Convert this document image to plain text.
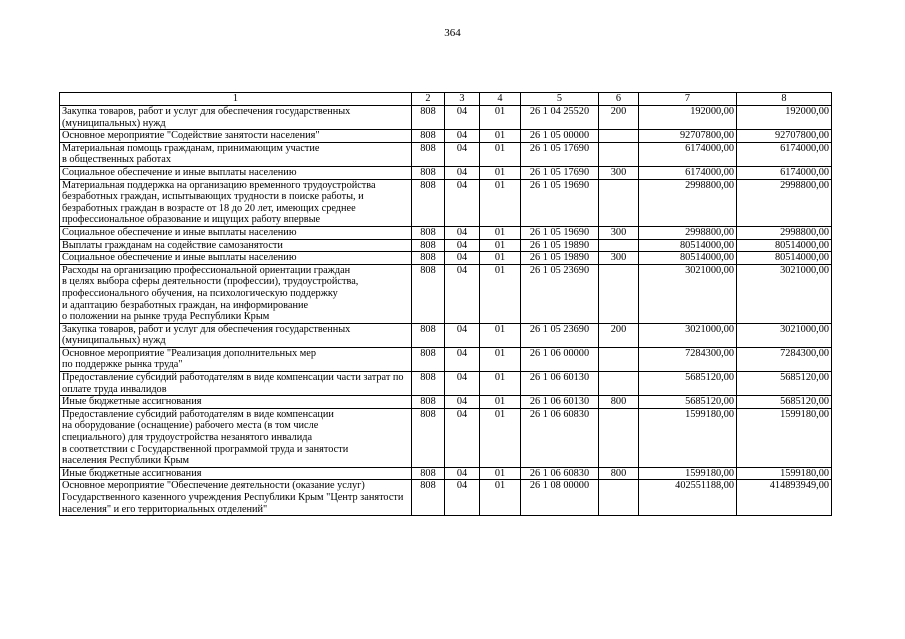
364
1	2	3	4	5	6	7	8
Закупка товаров, работ и услуг для обеспечения государственных (муниципальных) нужд	808	04	01	26 1 04 25520	200	192000,00	192000,00
Основное мероприятие "Содействие занятости населения"	808	04	01	26 1 05 00000		92707800,00	92707800,00
Материальная помощь гражданам, принимающим участие
в общественных работах	808	04	01	26 1 05 17690		6174000,00	6174000,00
Социальное обеспечение и иные выплаты населению	808	04	01	26 1 05 17690	300	6174000,00	6174000,00
Материальная поддержка на организацию временного трудоустройства безработных граждан, испытывающих трудности в поиске работы, и безработных граждан в возрасте от 18 до 20 лет, имеющих среднее профессиональное образование и ищущих работу впервые	808	04	01	26 1 05 19690		2998800,00	2998800,00
Социальное обеспечение и иные выплаты населению	808	04	01	26 1 05 19690	300	2998800,00	2998800,00
Выплаты гражданам на содействие самозанятости	808	04	01	26 1 05 19890		80514000,00	80514000,00
Социальное обеспечение и иные выплаты населению	808	04	01	26 1 05 19890	300	80514000,00	80514000,00
Расходы на организацию профессиональной ориентации граждан
в целях выбора сферы деятельности (профессии), трудоустройства,
профессионального обучения, на психологическую поддержку
и адаптацию безработных граждан, на информирование
о положении на рынке труда Республики Крым	808	04	01	26 1 05 23690		3021000,00	3021000,00
Закупка товаров, работ и услуг для обеспечения государственных (муниципальных) нужд	808	04	01	26 1 05 23690	200	3021000,00	3021000,00
Основное мероприятие "Реализация дополнительных мер
по поддержке рынка труда"	808	04	01	26 1 06 00000		7284300,00	7284300,00
Предоставление субсидий работодателям в виде компенсации части затрат по оплате труда инвалидов	808	04	01	26 1 06 60130		5685120,00	5685120,00
Иные бюджетные ассигнования	808	04	01	26 1 06 60130	800	5685120,00	5685120,00
Предоставление субсидий работодателям в виде компенсации
на оборудование (оснащение) рабочего места (в том числе
специального) для трудоустройства незанятого инвалида
в соответствии с Государственной программой труда и занятости
населения Республики Крым	808	04	01	26 1 06 60830		1599180,00	1599180,00
Иные бюджетные ассигнования	808	04	01	26 1 06 60830	800	1599180,00	1599180,00
Основное мероприятие "Обеспечение деятельности (оказание услуг) Государственного казенного учреждения Республики Крым "Центр занятости населения" и его территориальных отделений"	808	04	01	26 1 08 00000		402551188,00	414893949,00
